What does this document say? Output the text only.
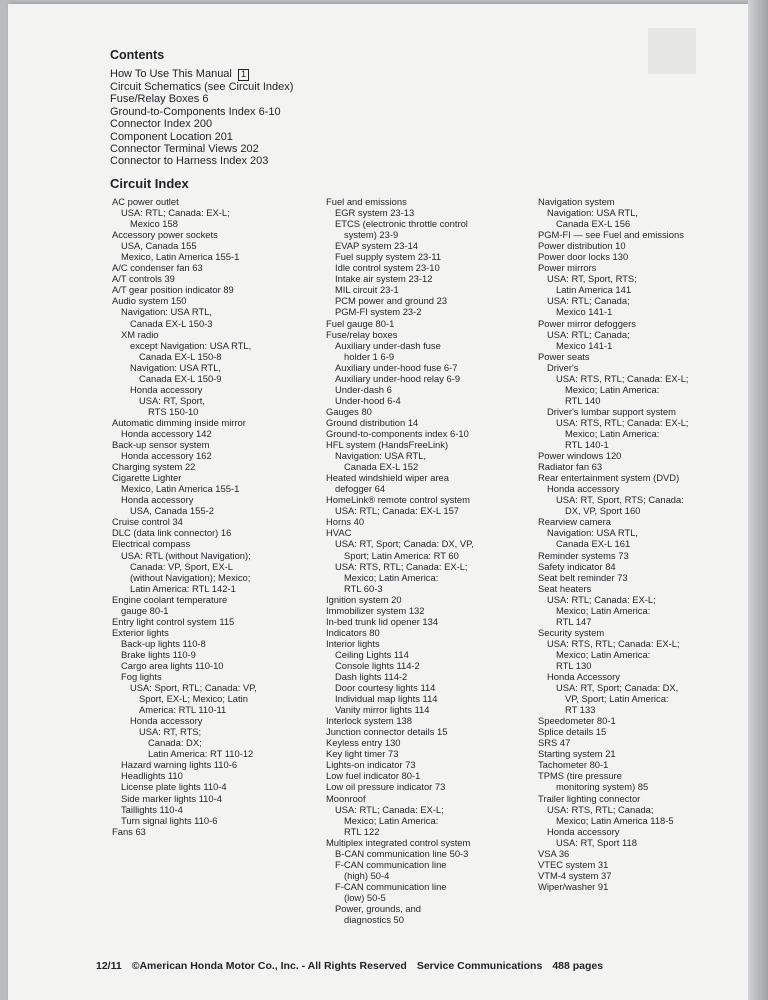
Contents
How To Use This Manual 1
Circuit Schematics (see Circuit Index)
Fuse/Relay Boxes 6
Ground-to-Components Index 6-10
Connector Index 200
Component Location 201
Connector Terminal Views 202
Connector to Harness Index 203
Circuit Index
AC power outlet
USA: RTL; Canada: EX-L;
Mexico 158
Accessory power sockets
USA, Canada 155
Mexico, Latin America 155-1
A/C condenser fan 63
A/T controls 39
A/T gear position indicator 89
Audio system 150
Navigation: USA RTL,
Canada EX-L 150-3
XM radio
except Navigation: USA RTL,
Canada EX-L 150-8
Navigation: USA RTL,
Canada EX-L 150-9
Honda accessory
USA: RT, Sport,
RTS 150-10
Automatic dimming inside mirror
Honda accessory 142
Back-up sensor system
Honda accessory 162
Charging system 22
Cigarette Lighter
Mexico, Latin America 155-1
Honda accessory
USA, Canada 155-2
Cruise control 34
DLC (data link connector) 16
Electrical compass
USA: RTL (without Navigation);
Canada: VP, Sport, EX-L
(without Navigation); Mexico;
Latin America: RTL 142-1
Engine coolant temperature
gauge 80-1
Entry light control system 115
Exterior lights
Back-up lights 110-8
Brake lights 110-9
Cargo area lights 110-10
Fog lights
USA: Sport, RTL; Canada: VP,
Sport, EX-L; Mexico; Latin
America: RTL 110-11
Honda accessory
USA: RT, RTS;
Canada: DX;
Latin America: RT 110-12
Hazard warning lights 110-6
Headlights 110
License plate lights 110-4
Side marker lights 110-4
Taillights 110-4
Turn signal lights 110-6
Fans 63
Fuel and emissions
EGR system 23-13
ETCS (electronic throttle control
system) 23-9
EVAP system 23-14
Fuel supply system 23-11
Idle control system 23-10
Intake air system 23-12
MIL circuit 23-1
PCM power and ground 23
PGM-FI system 23-2
Fuel gauge 80-1
Fuse/relay boxes
Auxiliary under-dash fuse
holder 1 6-9
Auxiliary under-hood fuse 6-7
Auxiliary under-hood relay 6-9
Under-dash 6
Under-hood 6-4
Gauges 80
Ground distribution 14
Ground-to-components index 6-10
HFL system (HandsFreeLink)
Navigation: USA RTL,
Canada EX-L 152
Heated windshield wiper area
defogger 64
HomeLink® remote control system
USA: RTL; Canada: EX-L 157
Horns 40
HVAC
USA: RT, Sport; Canada: DX, VP,
Sport; Latin America: RT 60
USA: RTS, RTL; Canada: EX-L;
Mexico; Latin America:
RTL 60-3
Ignition system 20
Immobilizer system 132
In-bed trunk lid opener 134
Indicators 80
Interior lights
Ceiling Lights 114
Console lights 114-2
Dash lights 114-2
Door courtesy lights 114
Individual map lights 114
Vanity mirror lights 114
Interlock system 138
Junction connector details 15
Keyless entry 130
Key light timer 73
Lights-on indicator 73
Low fuel indicator 80-1
Low oil pressure indicator 73
Moonroof
USA: RTL; Canada: EX-L;
Mexico; Latin America:
RTL 122
Multiplex integrated control system
B-CAN communication line 50-3
F-CAN communication line
(high) 50-4
F-CAN communication line
(low) 50-5
Power, grounds, and
diagnostics 50
Navigation system
Navigation: USA RTL,
Canada EX-L 156
PGM-FI — see Fuel and emissions
Power distribution 10
Power door locks 130
Power mirrors
USA: RT, Sport, RTS;
Latin America 141
USA: RTL; Canada;
Mexico 141-1
Power mirror defoggers
USA: RTL; Canada;
Mexico 141-1
Power seats
Driver's
USA: RTS, RTL; Canada: EX-L;
Mexico; Latin America:
RTL 140
Driver's lumbar support system
USA: RTS, RTL; Canada: EX-L;
Mexico; Latin America:
RTL 140-1
Power windows 120
Radiator fan 63
Rear entertainment system (DVD)
Honda accessory
USA: RT, Sport, RTS; Canada:
DX, VP, Sport 160
Rearview camera
Navigation: USA RTL,
Canada EX-L 161
Reminder systems 73
Safety indicator 84
Seat belt reminder 73
Seat heaters
USA: RTL; Canada: EX-L;
Mexico; Latin America:
RTL 147
Security system
USA: RTS, RTL; Canada: EX-L;
Mexico; Latin America:
RTL 130
Honda Accessory
USA: RT, Sport; Canada: DX,
VP, Sport; Latin America:
RT 133
Speedometer 80-1
Splice details 15
SRS 47
Starting system 21
Tachometer 80-1
TPMS (tire pressure
monitoring system) 85
Trailer lighting connector
USA: RTS, RTL; Canada;
Mexico; Latin America 118-5
Honda accessory
USA: RT, Sport 118
VSA 36
VTEC system 31
VTM-4 system 37
Wiper/washer 91
12/11 ©American Honda Motor Co., Inc. - All Rights Reserved Service Communications 488 pages
